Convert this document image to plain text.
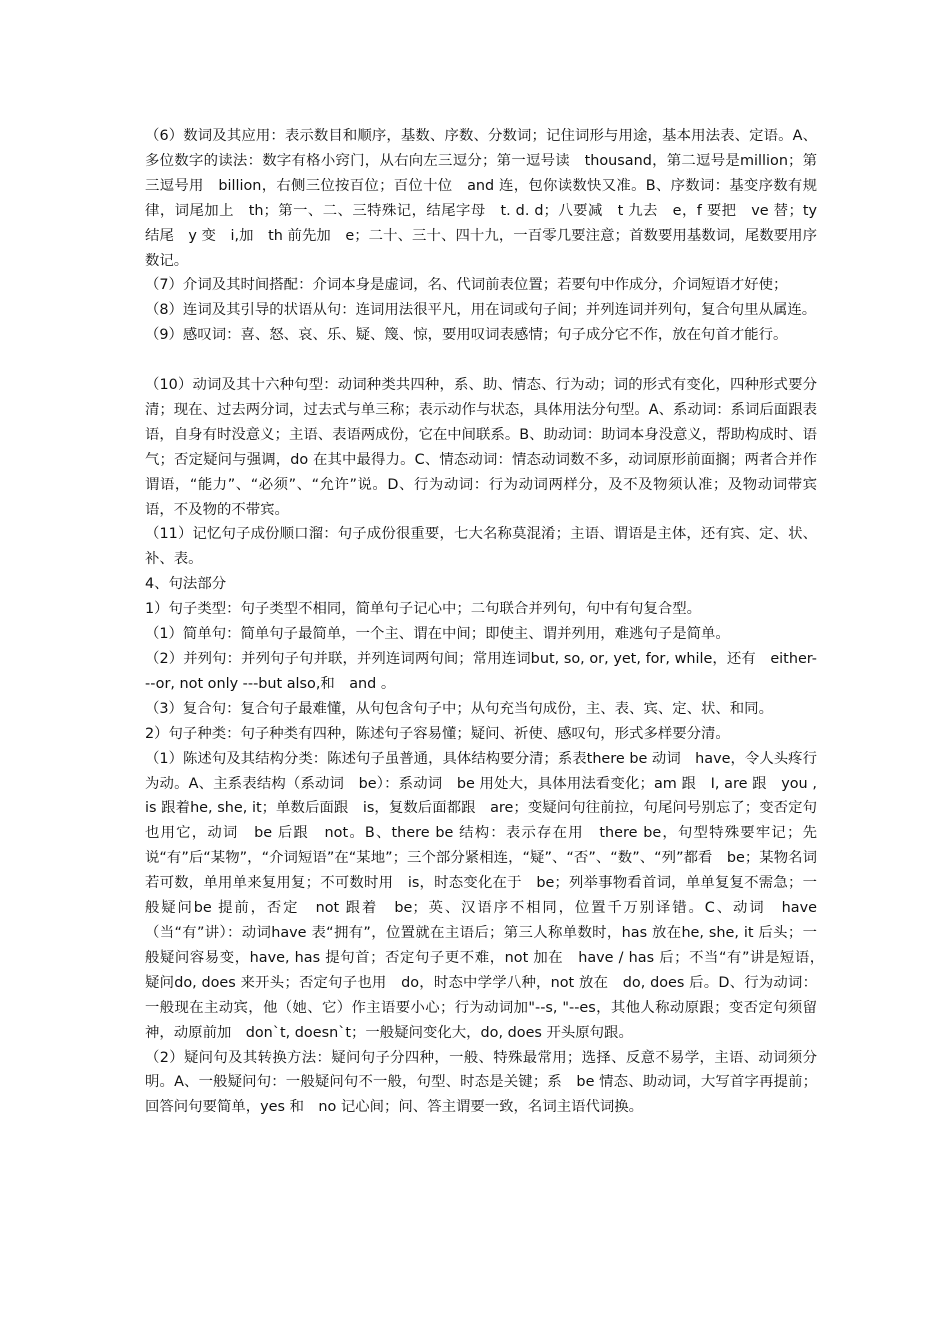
（6）数词及其应用：表示数目和顺序，基数、序数、分数词；记住词形与用途，基本用法表、定语。A、多位数字的读法：数字有格小窍门，从右向左三逗分；第一逗号读　thousand，第二逗号是million；第三逗号用　billion，右侧三位按百位；百位十位　and 连，包你读数快又准。B、序数词：基变序数有规律，词尾加上　th；第一、二、三特殊记，结尾字母　t. d. d；八要减　t 九去　e，f 要把　ve 替；ty 结尾　y 变　i,加　th 前先加　e；二十、三十、四十九，一百零几要注意；首数要用基数词，尾数要用序数记。

（7）介词及其时间搭配：介词本身是虚词，名、代词前表位置；若要句中作成分，介词短语才好使；

（8）连词及其引导的状语从句：连词用法很平凡，用在词或句子间；并列连词并列句，复合句里从属连。

（9）感叹词：喜、怒、哀、乐、疑、篾、惊，要用叹词表感情；句子成分它不作，放在句首才能行。

（10）动词及其十六种句型：动词种类共四种，系、助、情态、行为动；词的形式有变化，四种形式要分清；现在、过去两分词，过去式与单三称；表示动作与状态，具体用法分句型。A、系动词：系词后面跟表语，自身有时没意义；主语、表语两成份，它在中间联系。B、助动词：助词本身没意义，帮助构成时、语气；否定疑问与强调，do 在其中最得力。C、情态动词：情态动词数不多，动词原形前面搁；两者合并作谓语，“能力”、“必须”、“允许”说。D、行为动词：行为动词两样分，及不及物须认准；及物动词带宾语，不及物的不带宾。

（11）记忆句子成份顺口溜：句子成份很重要，七大名称莫混淆；主语、谓语是主体，还有宾、定、状、补、表。

4、句法部分

1）句子类型：句子类型不相同，简单句子记心中；二句联合并列句，句中有句复合型。

（1）简单句：简单句子最简单，一个主、谓在中间；即使主、谓并列用，难逃句子是简单。

（2）并列句：并列句子句并联，并列连词两句间；常用连词but, so, or, yet, for, while，还有　either---or, not only ---but also,和　and 。

（3）复合句：复合句子最难懂，从句包含句子中；从句充当句成份，主、表、宾、定、状、和同。

2）句子种类：句子种类有四种，陈述句子容易懂；疑问、祈使、感叹句，形式多样要分清。

（1）陈述句及其结构分类：陈述句子虽普通，具体结构要分清；系表there be 动词　have，令人头疼行为动。A、主系表结构（系动词　be）：系动词　be 用处大，具体用法看变化；am 跟　I, are 跟　you , is 跟着he, she, it；单数后面跟　is，复数后面都跟　are；变疑问句往前拉，句尾问号别忘了；变否定句也用它，动词　be 后跟　not。B、there be 结构：表示存在用　there be，句型特殊要牢记；先说“有”后“某物”，“介词短语”在“某地”；三个部分紧相连，“疑”、“否”、“数”、“列”都看　be；某物名词若可数，单用单来复用复；不可数时用　is，时态变化在于　be；列举事物看首词，单单复复不需急；一般疑问be 提前，否定　not 跟着　be；英、汉语序不相同，位置千万别译错。C、动词　have（当“有”讲）：动词have 表“拥有”，位置就在主语后；第三人称单数时，has 放在he, she, it 后头；一般疑问容易变，have, has 提句首；否定句子更不难，not 加在　have / has 后；不当“有”讲是短语，　疑问do, does 来开头；否定句子也用　do，时态中学学八种，not 放在　do, does 后。D、行为动词：一般现在主动宾，他（她、它）作主语要小心；行为动词加"--s, "--es，其他人称动原跟；变否定句须留神，动原前加　don`t, doesn`t；一般疑问变化大，do, does 开头原句跟。

（2）疑问句及其转换方法：疑问句子分四种，一般、特殊最常用；选择、反意不易学，主语、动词须分明。A、一般疑问句：一般疑问句不一般，句型、时态是关键；系　be 情态、助动词，大写首字再提前；回答问句要简单，yes 和　no 记心间；问、答主谓要一致，名词主语代词换。
